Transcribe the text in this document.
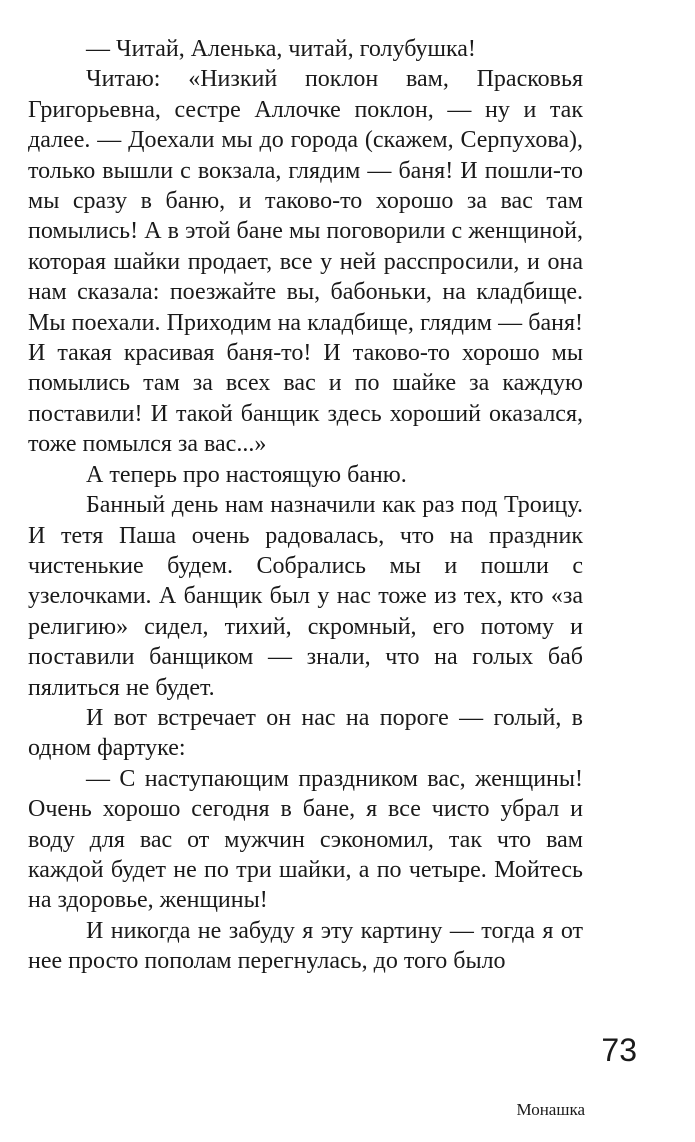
— Читай, Аленька, читай, голубушка!

Читаю: «Низкий поклон вам, Прасковья Григорьевна, сестре Аллочке поклон, — ну и так далее. — Доехали мы до города (скажем, Серпухова), только вышли с вокзала, глядим — баня! И пошли-то мы сразу в баню, и таково-то хорошо за вас там помылись! А в этой бане мы поговорили с женщиной, которая шайки продает, все у ней расспросили, и она нам сказала: поезжайте вы, бабоньки, на кладбище. Мы поехали. Приходим на кладбище, глядим — баня! И такая красивая баня-то! И таково-то хорошо мы помылись там за всех вас и по шайке за каждую поставили! И такой банщик здесь хороший оказался, тоже помылся за вас...»

А теперь про настоящую баню.

Банный день нам назначили как раз под Троицу. И тетя Паша очень радовалась, что на праздник чистенькие будем. Собрались мы и пошли с узелочками. А банщик был у нас тоже из тех, кто «за религию» сидел, тихий, скромный, его потому и поставили банщиком — знали, что на голых баб пялиться не будет.

И вот встречает он нас на пороге — голый, в одном фартуке:

— С наступающим праздником вас, женщины! Очень хорошо сегодня в бане, я все чисто убрал и воду для вас от мужчин сэкономил, так что вам каждой будет не по три шайки, а по четыре. Мойтесь на здоровье, женщины!

И никогда не забуду я эту картину — тогда я от нее просто пополам перегнулась, до того было

73
Монашка
